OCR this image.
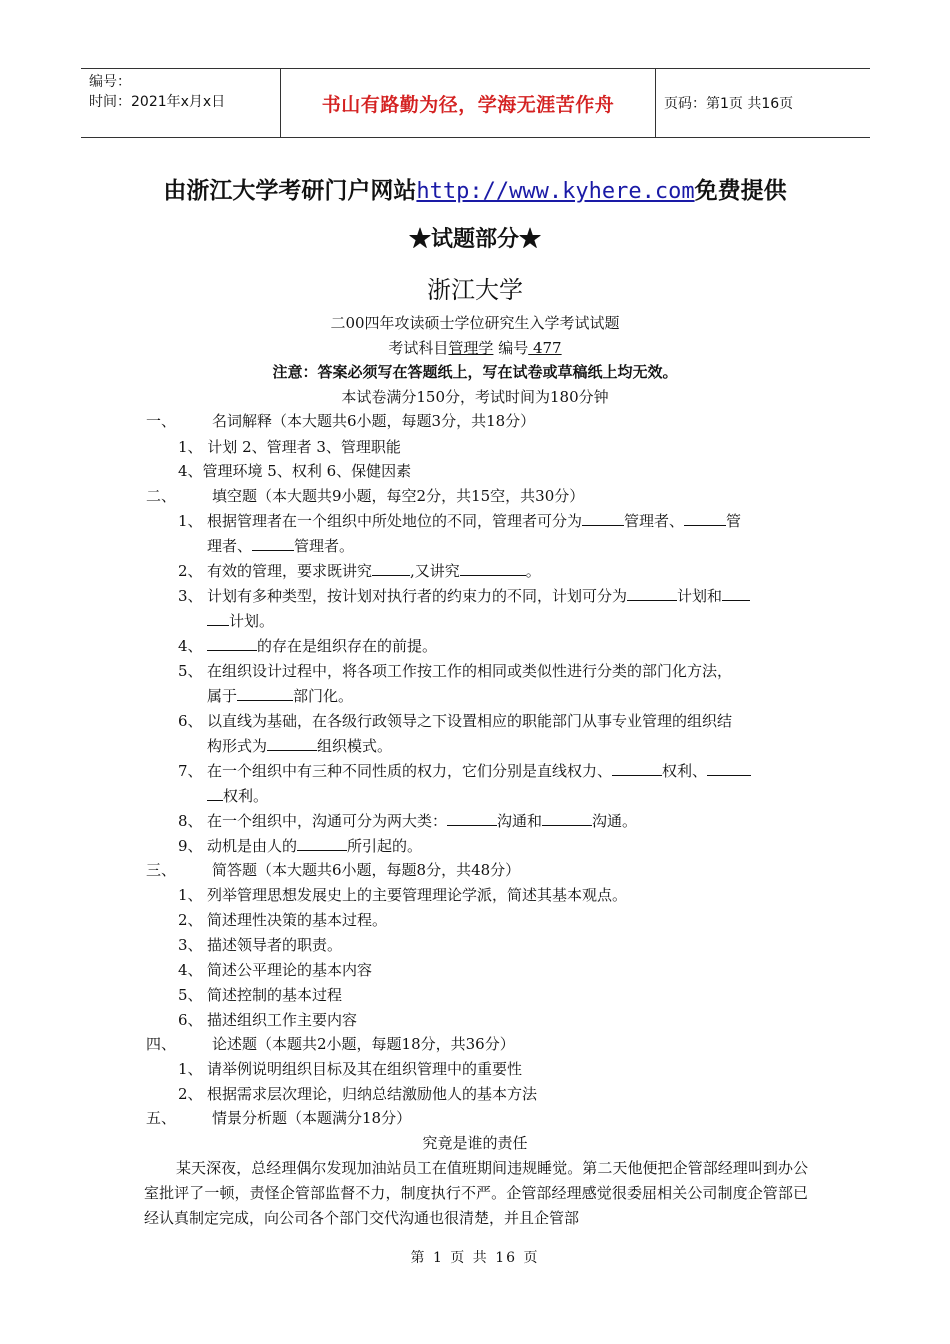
编号：
时间：2021年x月x日	书山有路勤为径，学海无涯苦作舟	页码：第1页 共16页
由浙江大学考研门户网站http://www.kyhere.com免费提供
★试题部分★
浙江大学
二00四年攻读硕士学位研究生入学考试试题
考试科目管理学 编号 477
注意：答案必须写在答题纸上，写在试卷或草稿纸上均无效。
本试卷满分150分，考试时间为180分钟
一、 名词解释（本大题共6小题，每题3分，共18分）
1、 计划 2、管理者 3、管理职能
4、管理环境 5、权利 6、保健因素
二、 填空题（本大题共9小题，每空2分，共15空，共30分）
1、 根据管理者在一个组织中所处地位的不同，管理者可分为	管理者、	管
理者、	管理者。
2、 有效的管理，要求既讲究	,又讲究	。
3、 计划有多种类型，按计划对执行者的约束力的不同，计划可分为	计划和
计划。
4、	的存在是组织存在的前提。
5、 在组织设计过程中，将各项工作按工作的相同或类似性进行分类的部门化方法，
属于	部门化。
6、 以直线为基础，在各级行政领导之下设置相应的职能部门从事专业管理的组织结
构形式为	组织模式。
7、 在一个组织中有三种不同性质的权力，它们分别是直线权力、	权利、
权利。
8、 在一个组织中，沟通可分为两大类：	沟通和	沟通。
9、 动机是由人的	所引起的。
三、 简答题（本大题共6小题，每题8分，共48分）
1、 列举管理思想发展史上的主要管理理论学派，简述其基本观点。
2、 简述理性决策的基本过程。
3、 描述领导者的职责。
4、 简述公平理论的基本内容
5、 简述控制的基本过程
6、 描述组织工作主要内容
四、 论述题（本题共2小题，每题18分，共36分）
1、 请举例说明组织目标及其在组织管理中的重要性
2、 根据需求层次理论，归纳总结激励他人的基本方法
五、 情景分析题（本题满分18分）
究竟是谁的责任
某天深夜，总经理偶尔发现加油站员工在值班期间违规睡觉。第二天他便把企管部经理叫到办公室批评了一顿，责怪企管部监督不力，制度执行不严。企管部经理感觉很委屈相关公司制度企管部已经认真制定完成，向公司各个部门交代沟通也很清楚，并且企管部
第 1 页 共 16 页
